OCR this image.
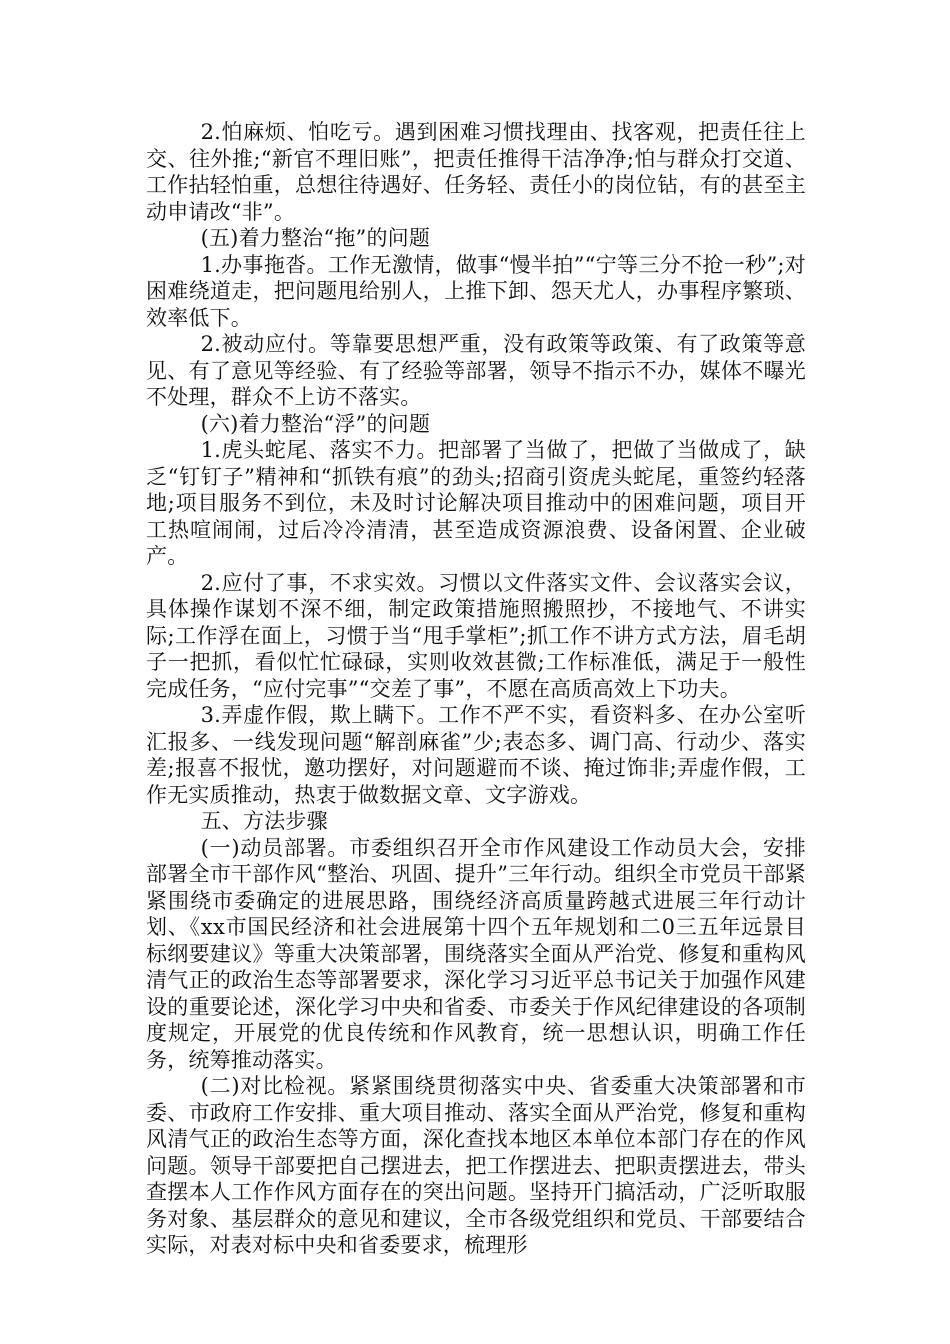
2.怕麻烦、怕吃亏。遇到困难习惯找理由、找客观，把责任往上交、往外推;“新官不理旧账”，把责任推得干洁净净;怕与群众打交道、工作拈轻怕重，总想往待遇好、任务轻、责任小的岗位钻，有的甚至主动申请改“非”。

(五)着力整治“拖”的问题

1.办事拖沓。工作无激情，做事“慢半拍”“宁等三分不抢一秒”;对困难绕道走，把问题甩给别人，上推下卸、怨天尤人，办事程序繁琐、效率低下。

2.被动应付。等靠要思想严重，没有政策等政策、有了政策等意见、有了意见等经验、有了经验等部署，领导不指示不办，媒体不曝光不处理，群众不上访不落实。

(六)着力整治“浮”的问题

1.虎头蛇尾、落实不力。把部署了当做了，把做了当做成了，缺乏“钉钉子”精神和“抓铁有痕”的劲头;招商引资虎头蛇尾，重签约轻落地;项目服务不到位，未及时讨论解决项目推动中的困难问题，项目开工热喧闹闹，过后冷冷清清，甚至造成资源浪费、设备闲置、企业破产。

2.应付了事，不求实效。习惯以文件落实文件、会议落实会议，具体操作谋划不深不细，制定政策措施照搬照抄，不接地气、不讲实际;工作浮在面上，习惯于当“甩手掌柜”;抓工作不讲方式方法，眉毛胡子一把抓，看似忙忙碌碌，实则收效甚微;工作标准低，满足于一般性完成任务，“应付完事”“交差了事”，不愿在高质高效上下功夫。

3.弄虚作假，欺上瞒下。工作不严不实，看资料多、在办公室听汇报多、一线发现问题“解剖麻雀”少;表态多、调门高、行动少、落实差;报喜不报忧，邀功摆好，对问题避而不谈、掩过饰非;弄虚作假，工作无实质推动，热衷于做数据文章、文字游戏。

五、方法步骤

(一)动员部署。市委组织召开全市作风建设工作动员大会，安排部署全市干部作风“整治、巩固、提升”三年行动。组织全市党员干部紧紧围绕市委确定的进展思路，围绕经济高质量跨越式进展三年行动计划、《xx市国民经济和社会进展第十四个五年规划和二0三五年远景目标纲要建议》等重大决策部署，围绕落实全面从严治党、修复和重构风清气正的政治生态等部署要求，深化学习习近平总书记关于加强作风建设的重要论述，深化学习中央和省委、市委关于作风纪律建设的各项制度规定，开展党的优良传统和作风教育，统一思想认识，明确工作任务，统筹推动落实。

(二)对比检视。紧紧围绕贯彻落实中央、省委重大决策部署和市委、市政府工作安排、重大项目推动、落实全面从严治党，修复和重构风清气正的政治生态等方面，深化查找本地区本单位本部门存在的作风问题。领导干部要把自己摆进去，把工作摆进去、把职责摆进去，带头查摆本人工作作风方面存在的突出问题。坚持开门搞活动，广泛听取服务对象、基层群众的意见和建议，全市各级党组织和党员、干部要结合实际，对表对标中央和省委要求，梳理形
